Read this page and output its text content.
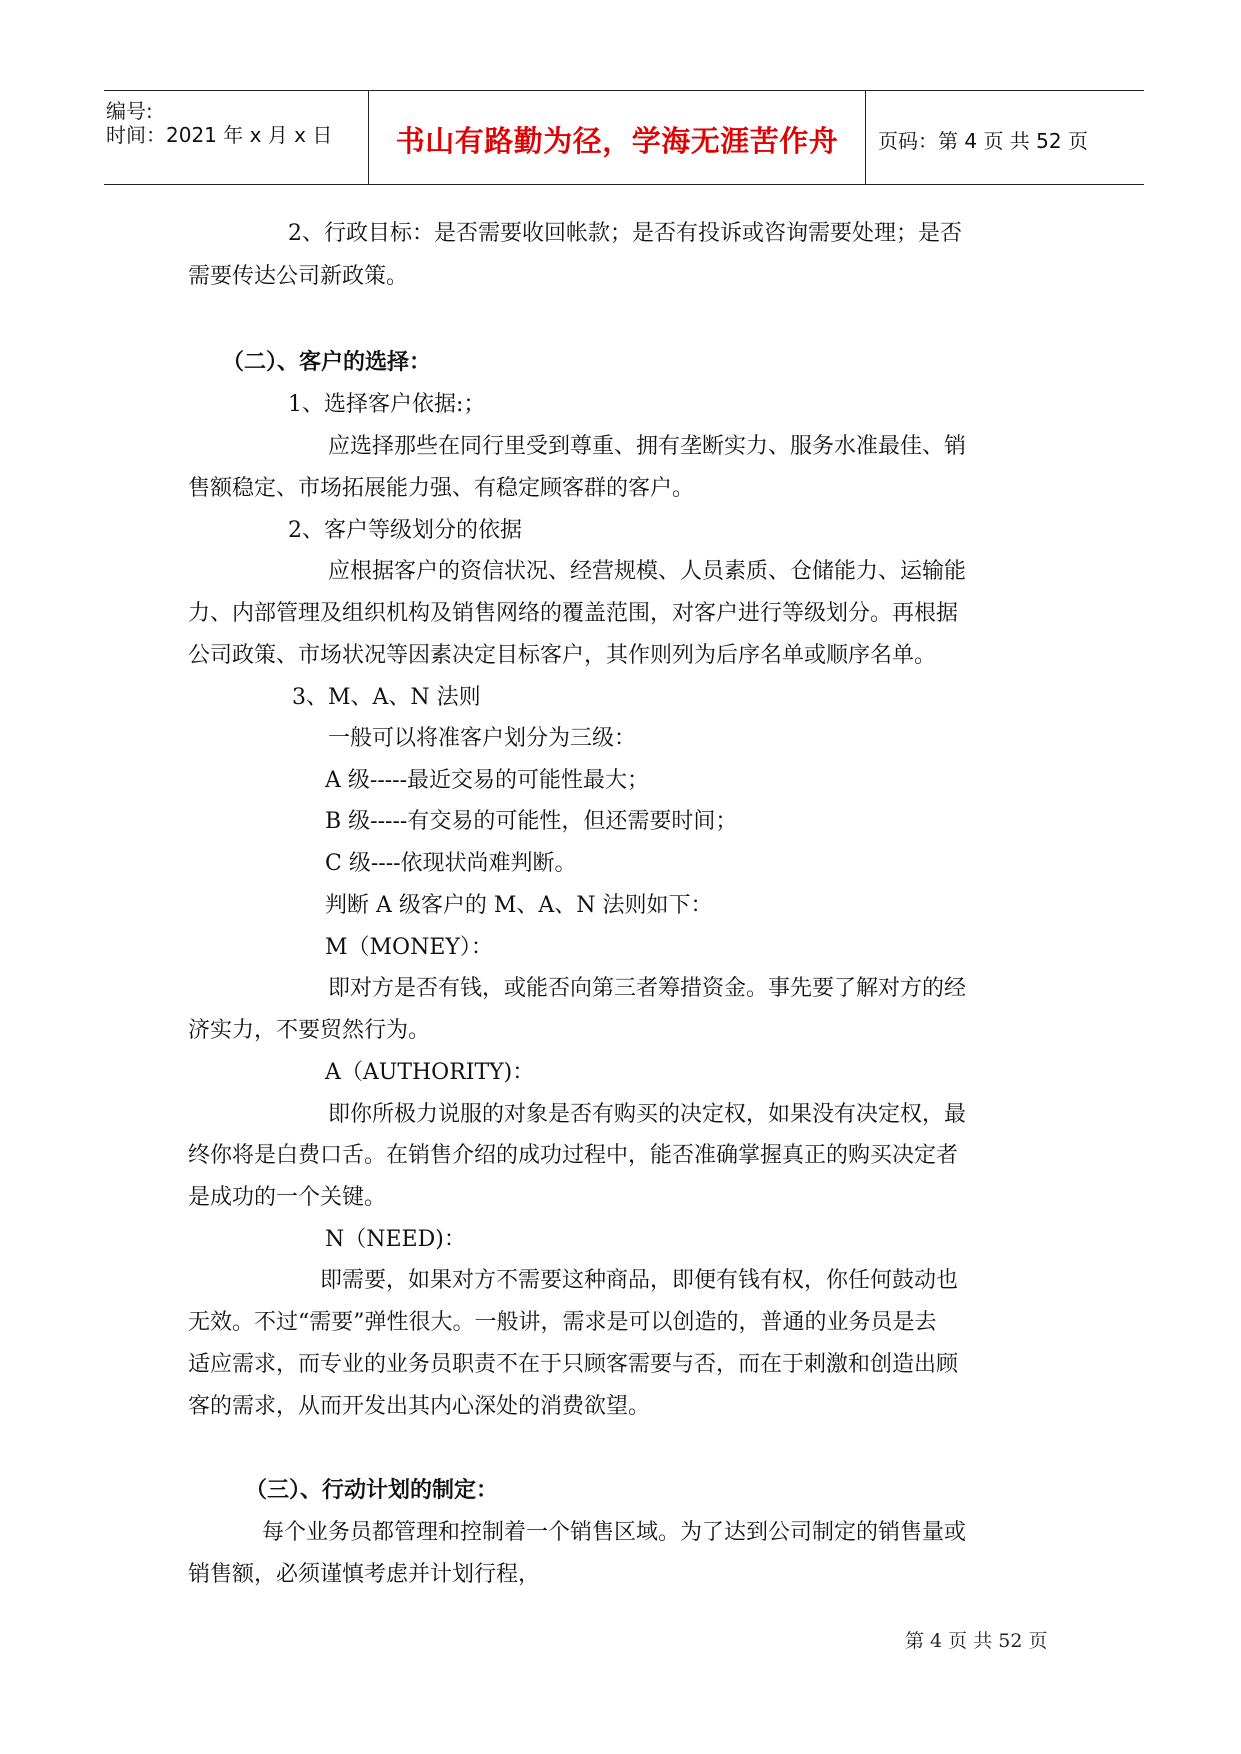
编号:
时间：2021 年 x 月 x 日	书山有路勤为径，学海无涯苦作舟	页码：第 4 页 共 52 页
2、行政目标：是否需要收回帐款；是否有投诉或咨询需要处理；是否
需要传达公司新政策。
（二）、客户的选择：
1、选择客户依据:；
应选择那些在同行里受到尊重、拥有垄断实力、服务水准最佳、销
售额稳定、市场拓展能力强、有稳定顾客群的客户。
2、客户等级划分的依据
应根据客户的资信状况、经营规模、人员素质、仓储能力、运输能
力、内部管理及组织机构及销售网络的覆盖范围，对客户进行等级划分。再根据
公司政策、市场状况等因素决定目标客户，其作则列为后序名单或顺序名单。
3、M、A、N 法则
一般可以将准客户划分为三级：
A 级-----最近交易的可能性最大；
B 级-----有交易的可能性，但还需要时间；
C 级----依现状尚难判断。
判断 A 级客户的 M、A、N 法则如下：
M（MONEY）：
即对方是否有钱，或能否向第三者筹措资金。事先要了解对方的经
济实力，不要贸然行为。
A（AUTHORITY)：
即你所极力说服的对象是否有购买的决定权，如果没有决定权，最
终你将是白费口舌。在销售介绍的成功过程中，能否准确掌握真正的购买决定者
是成功的一个关键。
N（NEED)：
即需要，如果对方不需要这种商品，即便有钱有权，你任何鼓动也
无效。不过“需要”弹性很大。一般讲，需求是可以创造的，普通的业务员是去
适应需求，而专业的业务员职责不在于只顾客需要与否，而在于刺激和创造出顾
客的需求，从而开发出其内心深处的消费欲望。
（三）、行动计划的制定：
每个业务员都管理和控制着一个销售区域。为了达到公司制定的销售量或
销售额，必须谨慎考虑并计划行程，
第 4 页 共 52 页
